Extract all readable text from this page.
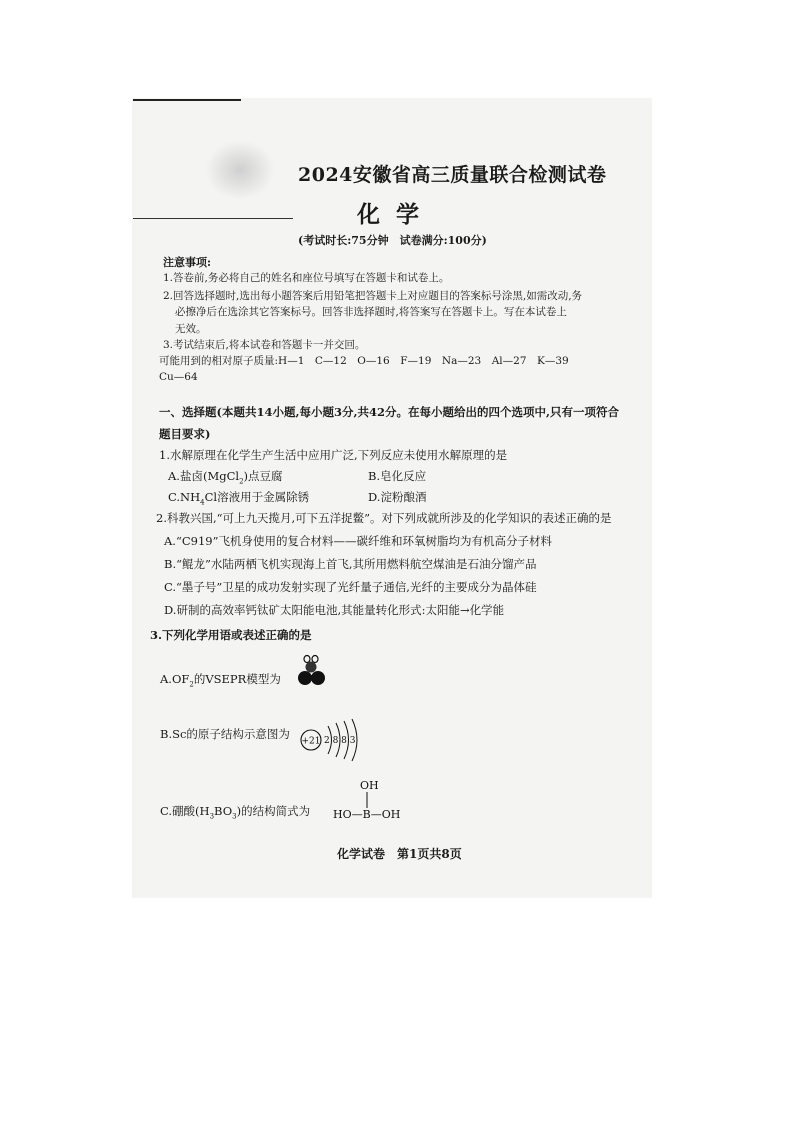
2024安徽省高三质量联合检测试卷
化学
(考试时长:75分钟　试卷满分:100分)
注意事项:
1.答卷前,务必将自己的姓名和座位号填写在答题卡和试卷上。
2.回答选择题时,选出每小题答案后用铅笔把答题卡上对应题目的答案标号涂黑,如需改动,务
必擦净后在选涂其它答案标号。回答非选择题时,将答案写在答题卡上。写在本试卷上
无效。
3.考试结束后,将本试卷和答题卡一并交回。
可能用到的相对原子质量:H—1　C—12　O—16　F—19　Na—23　Al—27　K—39
Cu—64
一、选择题(本题共14小题,每小题3分,共42分。在每小题给出的四个选项中,只有一项符合
题目要求)
1.水解原理在化学生产生活中应用广泛,下列反应未使用水解原理的是
A.盐卤(MgCl$_2$)点豆腐	B.皂化反应
$C.NH_4Cl$溶液用于金属除锈	D.淀粉酿酒
2.科教兴国,“可上九天揽月,可下五洋捉鳖”。对下列成就所涉及的化学知识的表述正确的是
A.“C919”飞机身使用的复合材料——碳纤维和环氧树脂均为有机高分子材料
B.“鲲龙”水陆两栖飞机实现海上首飞,其所用燃料航空煤油是石油分馏产品
C.“墨子号”卫星的成功发射实现了光纤量子通信,光纤的主要成分为晶体硅
D.研制的高效率钙钛矿太阳能电池,其能量转化形式:太阳能→化学能
3.下列化学用语或表述正确的是
$A.OF_2$的VSEPR模型为
B.Sc的原子结构示意图为
+21 2 8 8 3
C.硼酸$(H_3BO_3)$的结构简式为
OH
HO—B—OH
化学试卷　第1页共8页
